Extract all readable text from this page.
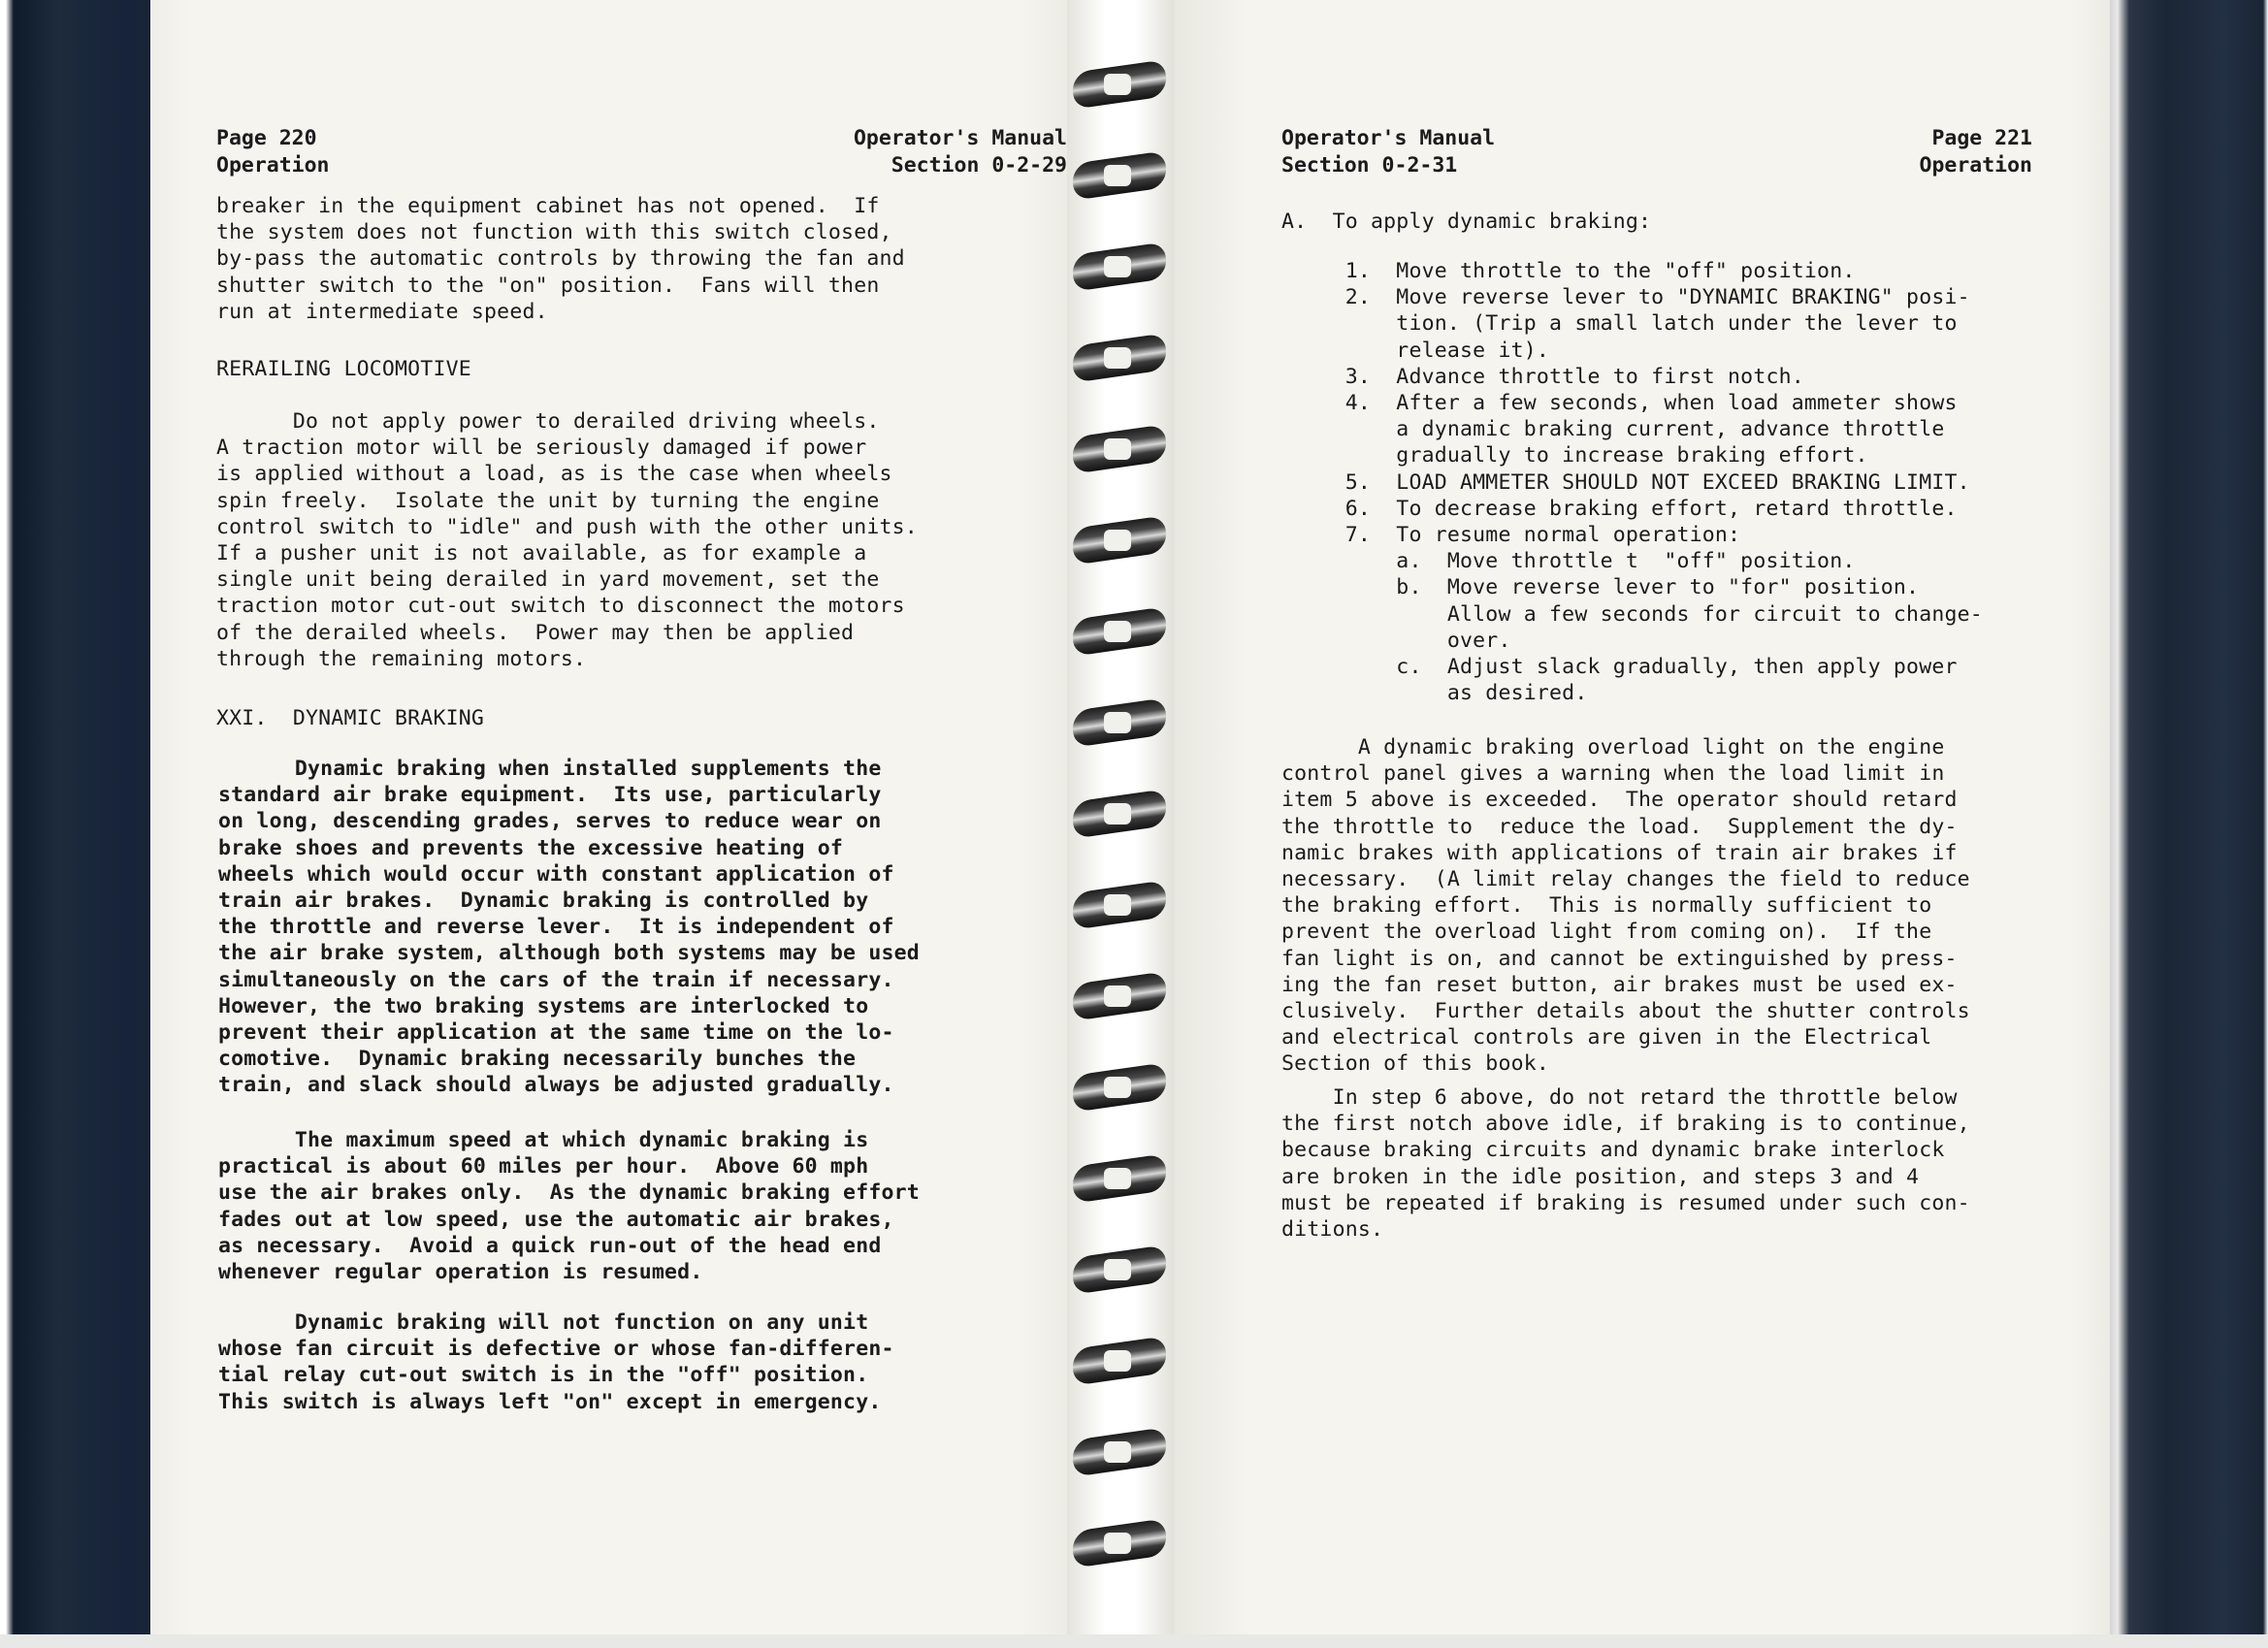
Page 220
Operation
Operator's Manual
Section 0-2-29
breaker in the equipment cabinet has not opened.  If
the system does not function with this switch closed,
by-pass the automatic controls by throwing the fan and
shutter switch to the "on" position.  Fans will then
run at intermediate speed.
RERAILING LOCOMOTIVE
Do not apply power to derailed driving wheels.
A traction motor will be seriously damaged if power
is applied without a load, as is the case when wheels
spin freely.  Isolate the unit by turning the engine
control switch to "idle" and push with the other units.
If a pusher unit is not available, as for example a
single unit being derailed in yard movement, set the
traction motor cut-out switch to disconnect the motors
of the derailed wheels.  Power may then be applied
through the remaining motors.
XXI.  DYNAMIC BRAKING
Dynamic braking when installed supplements the
standard air brake equipment.  Its use, particularly
on long, descending grades, serves to reduce wear on
brake shoes and prevents the excessive heating of
wheels which would occur with constant application of
train air brakes.  Dynamic braking is controlled by
the throttle and reverse lever.  It is independent of
the air brake system, although both systems may be used
simultaneously on the cars of the train if necessary.
However, the two braking systems are interlocked to
prevent their application at the same time on the lo-
comotive.  Dynamic braking necessarily bunches the
train, and slack should always be adjusted gradually.
The maximum speed at which dynamic braking is
practical is about 60 miles per hour.  Above 60 mph
use the air brakes only.  As the dynamic braking effort
fades out at low speed, use the automatic air brakes,
as necessary.  Avoid a quick run-out of the head end
whenever regular operation is resumed.
Dynamic braking will not function on any unit
whose fan circuit is defective or whose fan-differen-
tial relay cut-out switch is in the "off" position.
This switch is always left "on" except in emergency.
Operator's Manual
Section 0-2-31
Page 221
Operation
A.  To apply dynamic braking:
1.  Move throttle to the "off" position.
2.  Move reverse lever to "DYNAMIC BRAKING" posi-
tion. (Trip a small latch under the lever to
release it).
3.  Advance throttle to first notch.
4.  After a few seconds, when load ammeter shows
a dynamic braking current, advance throttle
gradually to increase braking effort.
5.  LOAD AMMETER SHOULD NOT EXCEED BRAKING LIMIT.
6.  To decrease braking effort, retard throttle.
7.  To resume normal operation:
a.  Move throttle t  "off" position.
b.  Move reverse lever to "for" position.
Allow a few seconds for circuit to change-
over.
c.  Adjust slack gradually, then apply power
as desired.
A dynamic braking overload light on the engine
control panel gives a warning when the load limit in
item 5 above is exceeded.  The operator should retard
the throttle to  reduce the load.  Supplement the dy-
namic brakes with applications of train air brakes if
necessary.  (A limit relay changes the field to reduce
the braking effort.  This is normally sufficient to
prevent the overload light from coming on).  If the
fan light is on, and cannot be extinguished by press-
ing the fan reset button, air brakes must be used ex-
clusively.  Further details about the shutter controls
and electrical controls are given in the Electrical
Section of this book.
In step 6 above, do not retard the throttle below
the first notch above idle, if braking is to continue,
because braking circuits and dynamic brake interlock
are broken in the idle position, and steps 3 and 4
must be repeated if braking is resumed under such con-
ditions.
